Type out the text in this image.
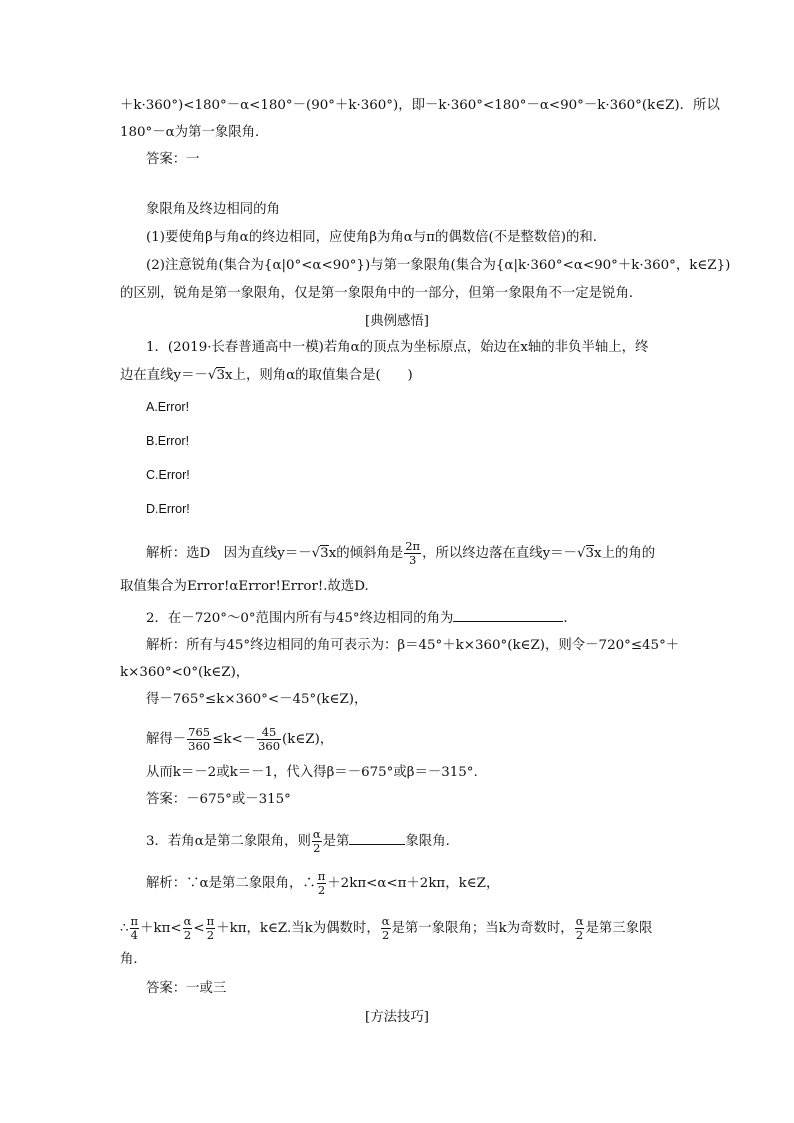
＋k·360°)<180°－α<180°－(90°＋k·360°)，即－k·360°<180°－α<90°－k·360°(k∈Z)．所以
180°－α为第一象限角．
答案：一
象限角及终边相同的角
(1)要使角β与角α的终边相同，应使角β为角α与π的偶数倍(不是整数倍)的和．
(2)注意锐角(集合为{α|0°<α<90°})与第一象限角(集合为{α|k·360°<α<90°＋k·360°，k∈Z})
的区别，锐角是第一象限角，仅是第一象限角中的一部分，但第一象限角不一定是锐角．
[典例感悟]
1．(2019·长春普通高中一模)若角α的顶点为坐标原点，始边在x轴的非负半轴上，终
边在直线y＝－√3x上，则角α的取值集合是(　　)
A.Error!
B.Error!
C.Error!
D.Error!
解析：选D　因为直线y＝－√3x的倾斜角是 $\frac{2\pi}{3}$ ，所以终边落在直线y＝－√3x上的角的
取值集合为Error!αError!Error!.故选D.
2．在－720°～0°范围内所有与45°终边相同的角为	．
解析：所有与45°终边相同的角可表示为：β＝45°＋k×360°(k∈Z)，则令－720°≤45°＋
k×360°<0°(k∈Z)，
得－765°≤k×360°<－45°(k∈Z)，
解得－ $\frac{765}{360} \le k<- \frac{45}{360}$ (k∈Z)，
从而k＝－2或k＝－1，代入得β＝－675°或β＝－315°.
答案：－675°或－315°
3．若角α是第二象限角，则 $\frac{\alpha}{2}$ 是第	象限角．
解析：∵α是第二象限角，∴ $\frac{\pi}{2} +2k\pi<\alpha<\pi+2k\pi$，k∈Z，
∴ $\frac{\pi}{4} +k\pi< \frac{\alpha}{2} < \frac{\pi}{2} +k\pi$，k∈Z.当k为偶数时， $\frac{\alpha}{2}$ 是第一象限角；当k为奇数时， $\frac{\alpha}{2}$ 是第三象限
角．
答案：一或三
[方法技巧]
